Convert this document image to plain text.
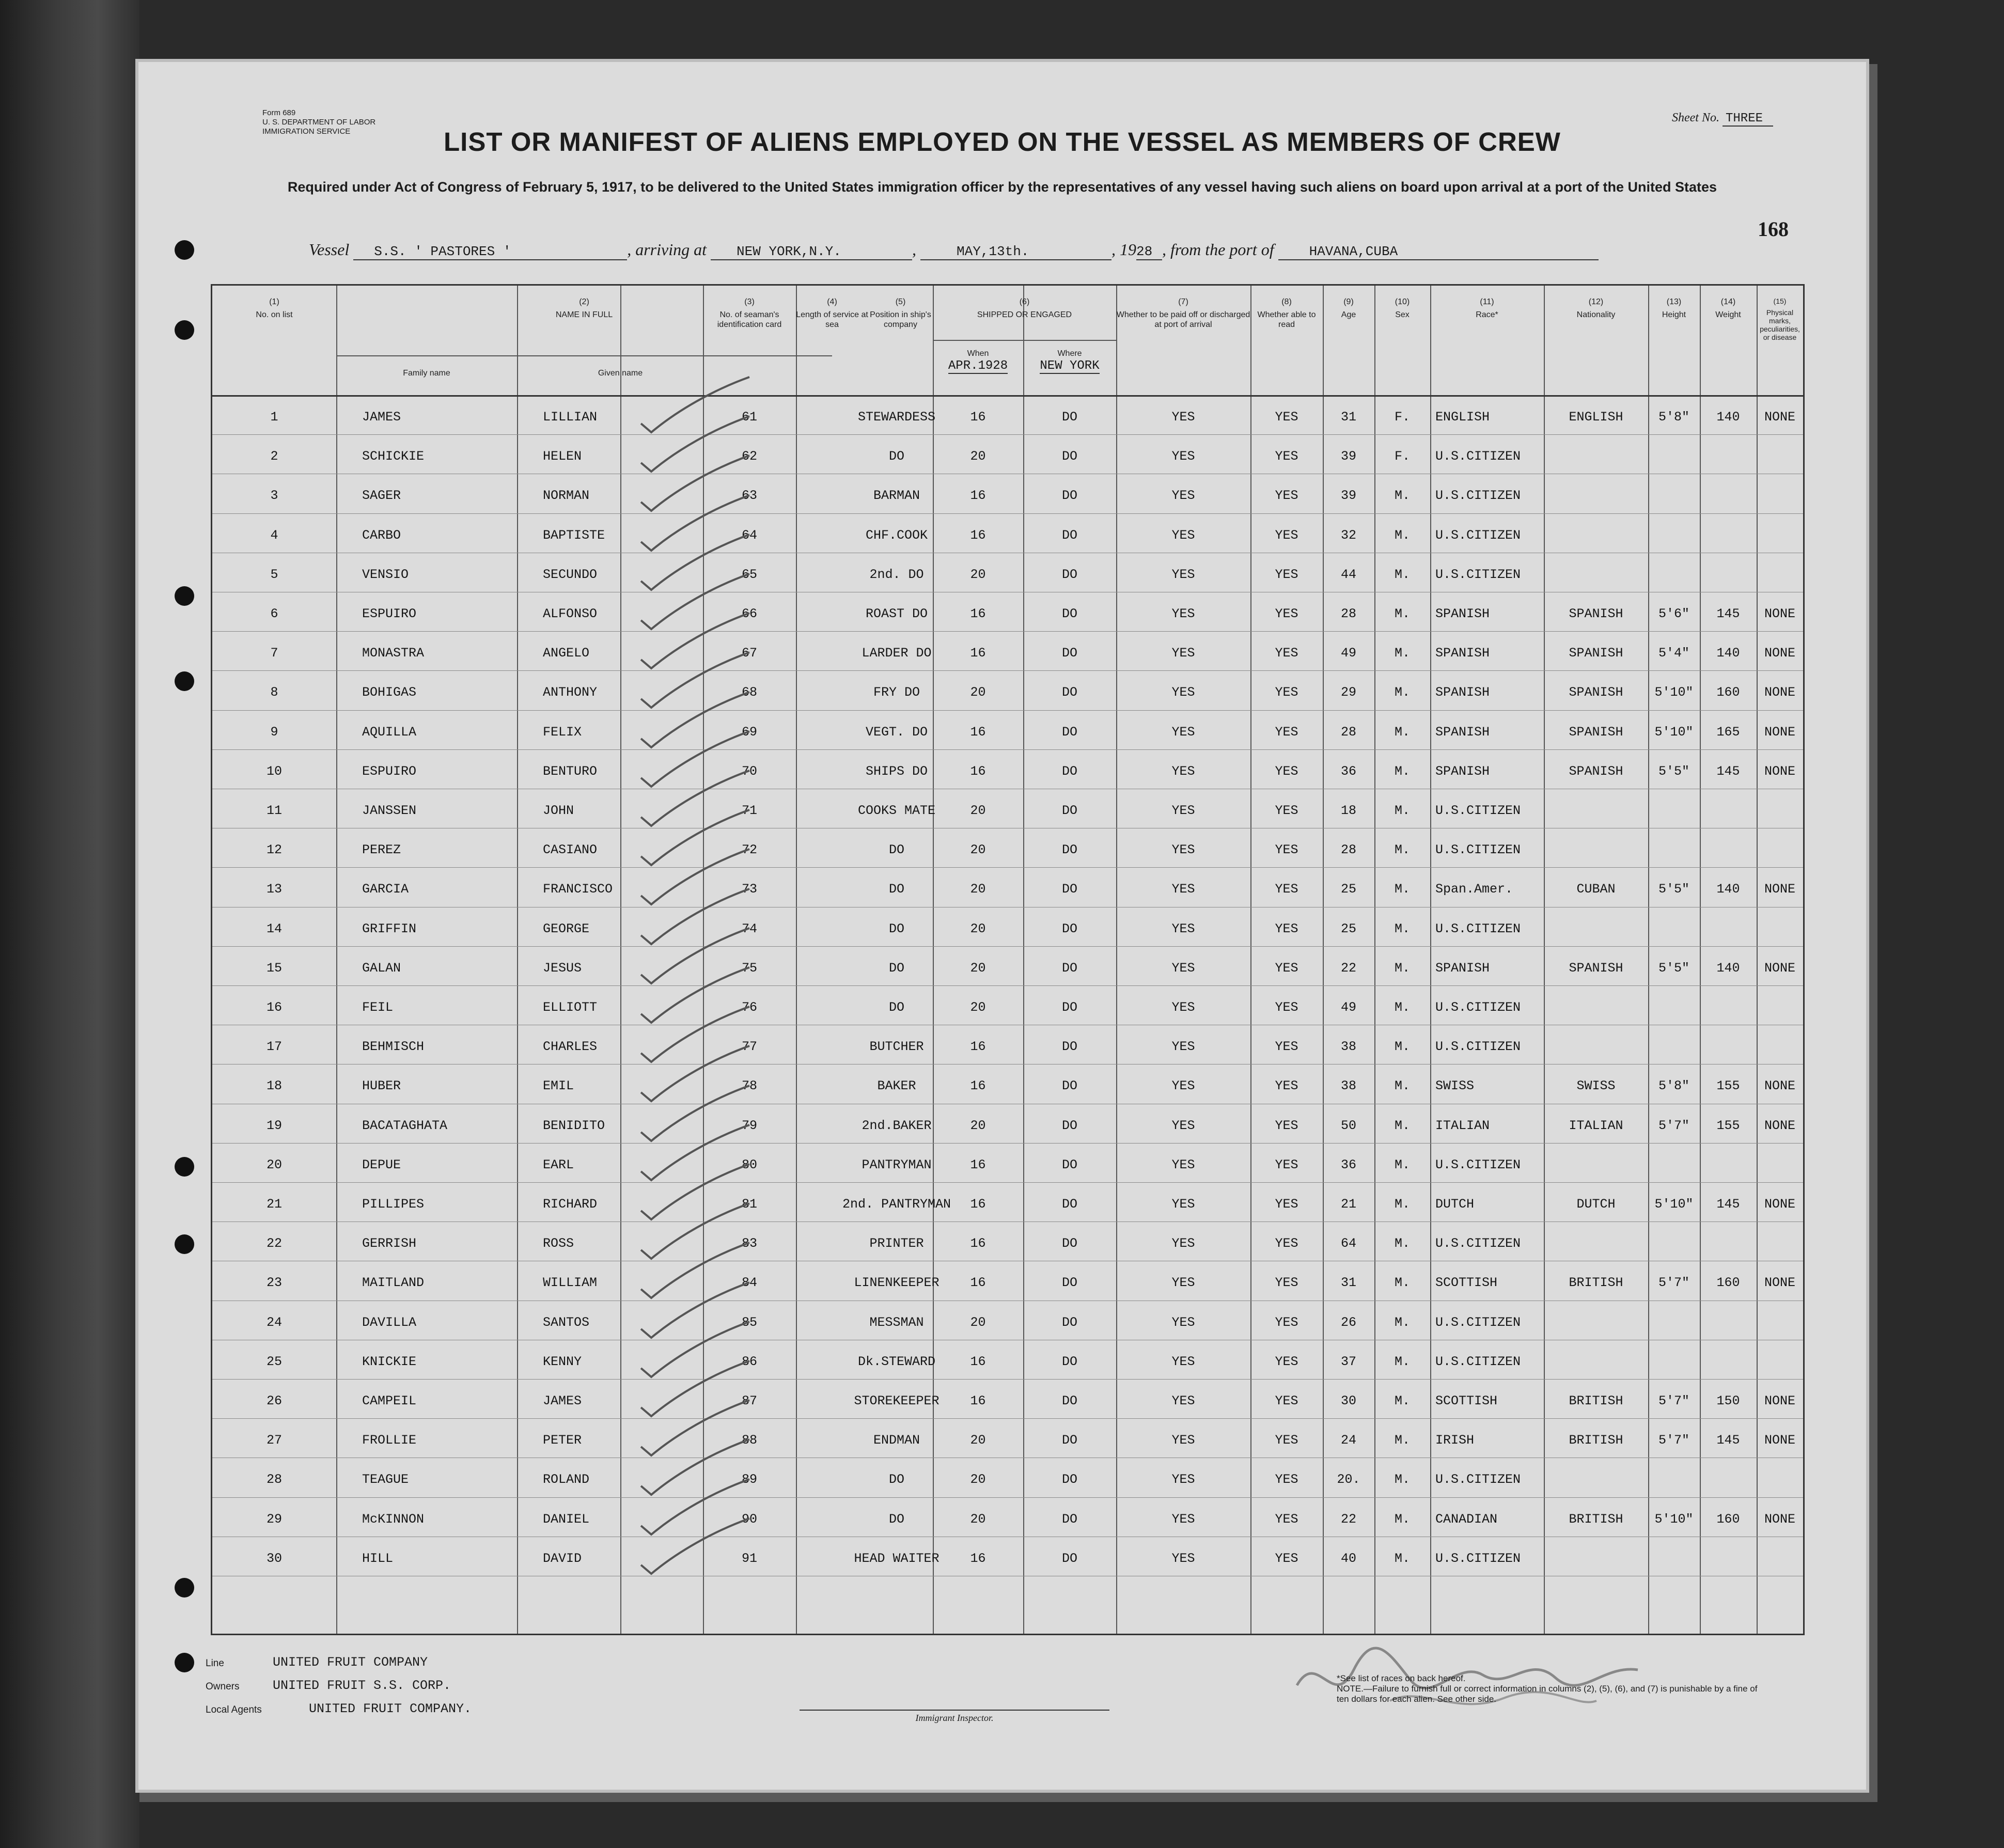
Form 689
U. S. DEPARTMENT OF LABOR
IMMIGRATION SERVICE
Sheet No. THREE
LIST OR MANIFEST OF ALIENS EMPLOYED ON THE VESSEL AS MEMBERS OF CREW
Required under Act of Congress of February 5, 1917, to be delivered to the United States immigration officer by the representatives of any vessel having such aliens on board upon arrival at a port of the United States
168
Vessel S.S. ' PASTORES '	, arriving at NEW YORK,N.Y.	,	MAY,13th.	, 1928 , from the port of	HAVANA,CUBA
(1)
No. on list
(2)
NAME IN FULL
Family name	Given name
(3)
No. of seaman's identification card
(4)
Length of service at sea
(5)
Position in ship's company
(6)
SHIPPED OR ENGAGED
When
APR.1928
Where
NEW YORK
(7)
Whether to be paid off or discharged at port of arrival
(8)
Whether able to read
(9)
Age
(10)
Sex
(11)
Race*
(12)
Nationality
(13)
Height
(14)
Weight
(15)
Physical marks, peculiarities, or disease
1	JAMES	LILLIAN	61	STEWARDESS	16	DO	YES	YES	31	F.	ENGLISH	ENGLISH	5'8"	140	NONE
2	SCHICKIE	HELEN	62	DO	20	DO	YES	YES	39	F.	U.S.CITIZEN
3	SAGER	NORMAN	63	BARMAN	16	DO	YES	YES	39	M.	U.S.CITIZEN
4	CARBO	BAPTISTE	64	CHF.COOK	16	DO	YES	YES	32	M.	U.S.CITIZEN
5	VENSIO	SECUNDO	65	2nd. DO	20	DO	YES	YES	44	M.	U.S.CITIZEN
6	ESPUIRO	ALFONSO	66	ROAST DO	16	DO	YES	YES	28	M.	SPANISH	SPANISH	5'6"	145	NONE
7	MONASTRA	ANGELO	67	LARDER DO	16	DO	YES	YES	49	M.	SPANISH	SPANISH	5'4"	140	NONE
8	BOHIGAS	ANTHONY	68	FRY DO	20	DO	YES	YES	29	M.	SPANISH	SPANISH	5'10"	160	NONE
9	AQUILLA	FELIX	69	VEGT. DO	16	DO	YES	YES	28	M.	SPANISH	SPANISH	5'10"	165	NONE
10	ESPUIRO	BENTURO	70	SHIPS DO	16	DO	YES	YES	36	M.	SPANISH	SPANISH	5'5"	145	NONE
11	JANSSEN	JOHN	71	COOKS MATE	20	DO	YES	YES	18	M.	U.S.CITIZEN
12	PEREZ	CASIANO	72	DO	20	DO	YES	YES	28	M.	U.S.CITIZEN
13	GARCIA	FRANCISCO	73	DO	20	DO	YES	YES	25	M.	Span.Amer.	CUBAN	5'5"	140	NONE
14	GRIFFIN	GEORGE	74	DO	20	DO	YES	YES	25	M.	U.S.CITIZEN
15	GALAN	JESUS	75	DO	20	DO	YES	YES	22	M.	SPANISH	SPANISH	5'5"	140	NONE
16	FEIL	ELLIOTT	76	DO	20	DO	YES	YES	49	M.	U.S.CITIZEN
17	BEHMISCH	CHARLES	77	BUTCHER	16	DO	YES	YES	38	M.	U.S.CITIZEN
18	HUBER	EMIL	78	BAKER	16	DO	YES	YES	38	M.	SWISS	SWISS	5'8"	155	NONE
19	BACATAGHATA	BENIDITO	79	2nd.BAKER	20	DO	YES	YES	50	M.	ITALIAN	ITALIAN	5'7"	155	NONE
20	DEPUE	EARL	80	PANTRYMAN	16	DO	YES	YES	36	M.	U.S.CITIZEN
21	PILLIPES	RICHARD	81	2nd. PANTRYMAN	16	DO	YES	YES	21	M.	DUTCH	DUTCH	5'10"	145	NONE
22	GERRISH	ROSS	83	PRINTER	16	DO	YES	YES	64	M.	U.S.CITIZEN
23	MAITLAND	WILLIAM	84	LINENKEEPER	16	DO	YES	YES	31	M.	SCOTTISH	BRITISH	5'7"	160	NONE
24	DAVILLA	SANTOS	85	MESSMAN	20	DO	YES	YES	26	M.	U.S.CITIZEN
25	KNICKIE	KENNY	86	Dk.STEWARD	16	DO	YES	YES	37	M.	U.S.CITIZEN
26	CAMPEIL	JAMES	87	STOREKEEPER	16	DO	YES	YES	30	M.	SCOTTISH	BRITISH	5'7"	150	NONE
27	FROLLIE	PETER	88	ENDMAN	20	DO	YES	YES	24	M.	IRISH	BRITISH	5'7"	145	NONE
28	TEAGUE	ROLAND	89	DO	20	DO	YES	YES	20.	M.	U.S.CITIZEN
29	McKINNON	DANIEL	90	DO	20	DO	YES	YES	22	M.	CANADIAN	BRITISH	5'10"	160	NONE
30	HILL	DAVID	91	HEAD WAITER	16	DO	YES	YES	40	M.	U.S.CITIZEN
Line	UNITED FRUIT COMPANY
Owners	UNITED FRUIT S.S. CORP.
Local Agents	UNITED FRUIT COMPANY.
Immigrant Inspector.
*See list of races on back hereof.
NOTE.—Failure to furnish full or correct information in columns (2), (5), (6), and (7) is punishable by a fine of ten dollars for each alien. See other side.
